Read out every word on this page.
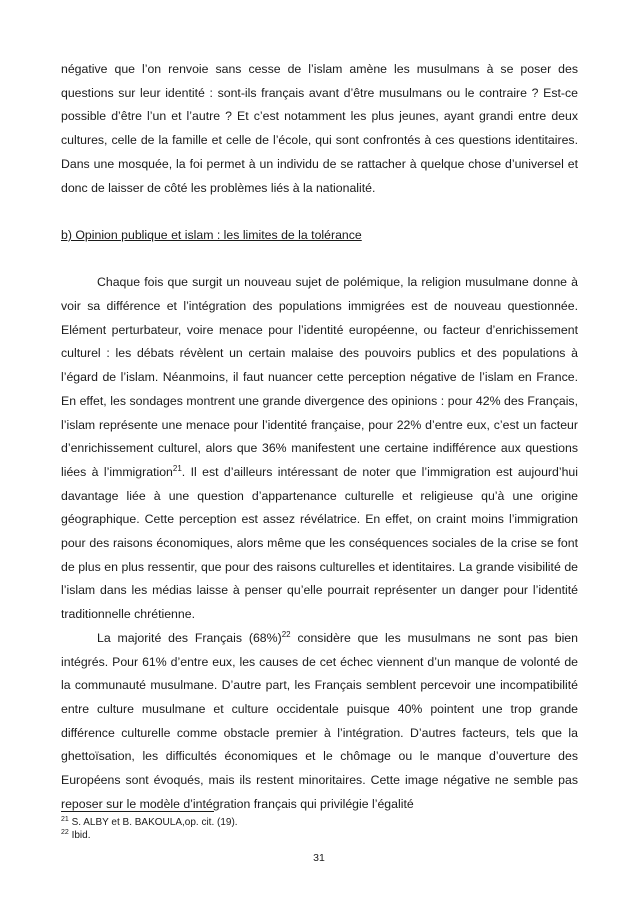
négative que l’on renvoie sans cesse de l’islam amène les musulmans à se poser des questions sur leur identité : sont-ils français avant d’être musulmans ou le contraire ? Est-ce possible d’être l’un et l’autre ? Et c’est notamment les plus jeunes, ayant grandi entre deux cultures, celle de la famille et celle de l’école, qui sont confrontés à ces questions identitaires. Dans une mosquée, la foi permet à un individu de se rattacher à quelque chose d’universel et donc de laisser de côté les problèmes liés à la nationalité.

b) Opinion publique et islam : les limites de la tolérance

Chaque fois que surgit un nouveau sujet de polémique, la religion musulmane donne à voir sa différence et l’intégration des populations immigrées est de nouveau questionnée. Elément perturbateur, voire menace pour l’identité européenne, ou facteur d’enrichissement culturel : les débats révèlent un certain malaise des pouvoirs publics et des populations à l’égard de l’islam. Néanmoins, il faut nuancer cette perception négative de l’islam en France. En effet, les sondages montrent une grande divergence des opinions : pour 42% des Français, l’islam représente une menace pour l’identité française, pour 22% d’entre eux, c’est un facteur d’enrichissement culturel, alors que 36% manifestent une certaine indifférence aux questions liées à l’immigration$^{21}$. Il est d’ailleurs intéressant de noter que l’immigration est aujourd’hui davantage liée à une question d’appartenance culturelle et religieuse qu’à une origine géographique. Cette perception est assez révélatrice. En effet, on craint moins l’immigration pour des raisons économiques, alors même que les conséquences sociales de la crise se font de plus en plus ressentir, que pour des raisons culturelles et identitaires. La grande visibilité de l’islam dans les médias laisse à penser qu’elle pourrait représenter un danger pour l’identité traditionnelle chrétienne.

La majorité des Français $(68\%)^{22}$ considère que les musulmans ne sont pas bien intégrés. Pour 61% d’entre eux, les causes de cet échec viennent d’un manque de volonté de la communauté musulmane. D’autre part, les Français semblent percevoir une incompatibilité entre culture musulmane et culture occidentale puisque 40% pointent une trop grande différence culturelle comme obstacle premier à l’intégration. D’autres facteurs, tels que la ghettoïsation, les difficultés économiques et le chômage ou le manque d’ouverture des Européens sont évoqués, mais ils restent minoritaires. Cette image négative ne semble pas reposer sur le modèle d’intégration français qui privilégie l’égalité

$^{21}$ S. ALBY et B. BAKOULA,op. cit. (19).
$^{22}$ Ibid.
31
